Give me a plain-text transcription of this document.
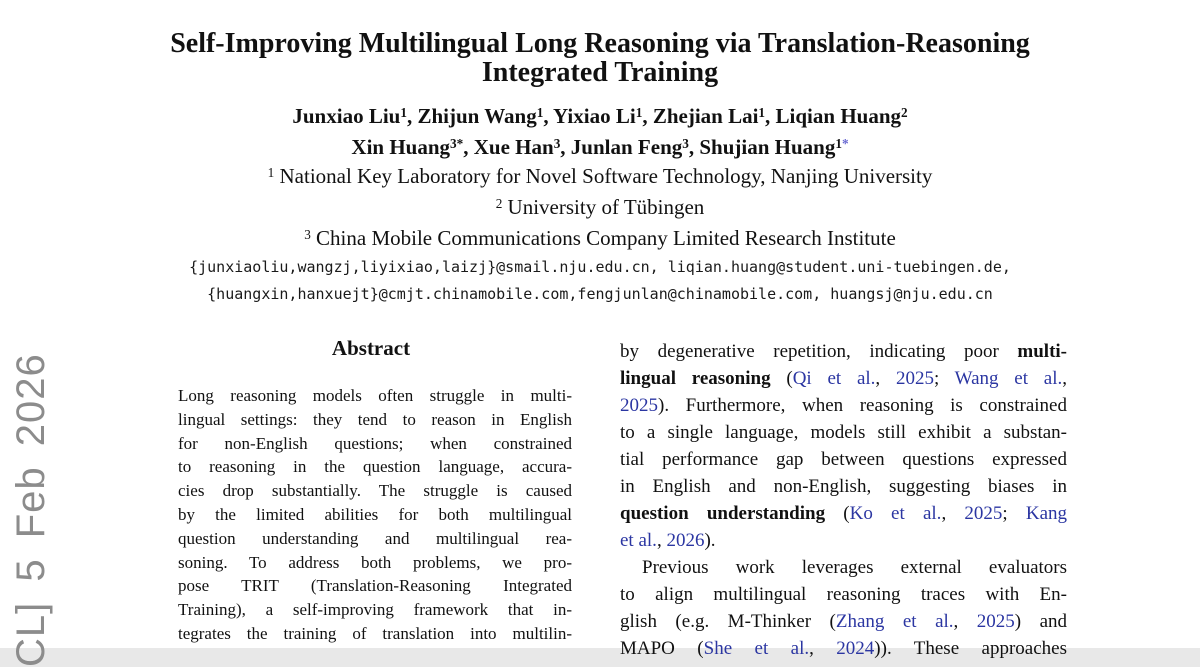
CL] 5 Feb 2026
Self-Improving Multilingual Long Reasoning via Translation-Reasoning
Integrated Training
Junxiao Liu$^1$, Zhijun Wang$^1$, Yixiao Li$^1$, Zhejian Lai$^1$, Liqian Huang$^2$
Xin Huang$^{3*}$, Xue Han$^3$, Junlan Feng$^3$, Shujian Huang$^{1*}$
$^1$ National Key Laboratory for Novel Software Technology, Nanjing University
$^2$ University of Tübingen
$^3$ China Mobile Communications Company Limited Research Institute
{junxiaoliu,wangzj,liyixiao,laizj}@smail.nju.edu.cn, liqian.huang@student.uni-tuebingen.de,
{huangxin,hanxuejt}@cmjt.chinamobile.com,fengjunlan@chinamobile.com, huangsj@nju.edu.cn
Abstract
Long reasoning models often struggle in multi-
lingual settings: they tend to reason in English
for non-English questions; when constrained
to reasoning in the question language, accura-
cies drop substantially. The struggle is caused
by the limited abilities for both multilingual
question understanding and multilingual rea-
soning. To address both problems, we pro-
pose TRIT (Translation-Reasoning Integrated
Training), a self-improving framework that in-
tegrates the training of translation into multilin-
by degenerative repetition, indicating poor multi-
lingual reasoning (Qi et al., 2025; Wang et al.,
2025). Furthermore, when reasoning is constrained
to a single language, models still exhibit a substan-
tial performance gap between questions expressed
in English and non-English, suggesting biases in
question understanding (Ko et al., 2025; Kang
et al., 2026).
Previous work leverages external evaluators
to align multilingual reasoning traces with En-
glish (e.g. M-Thinker (Zhang et al., 2025) and
MAPO (She et al., 2024)). These approaches
